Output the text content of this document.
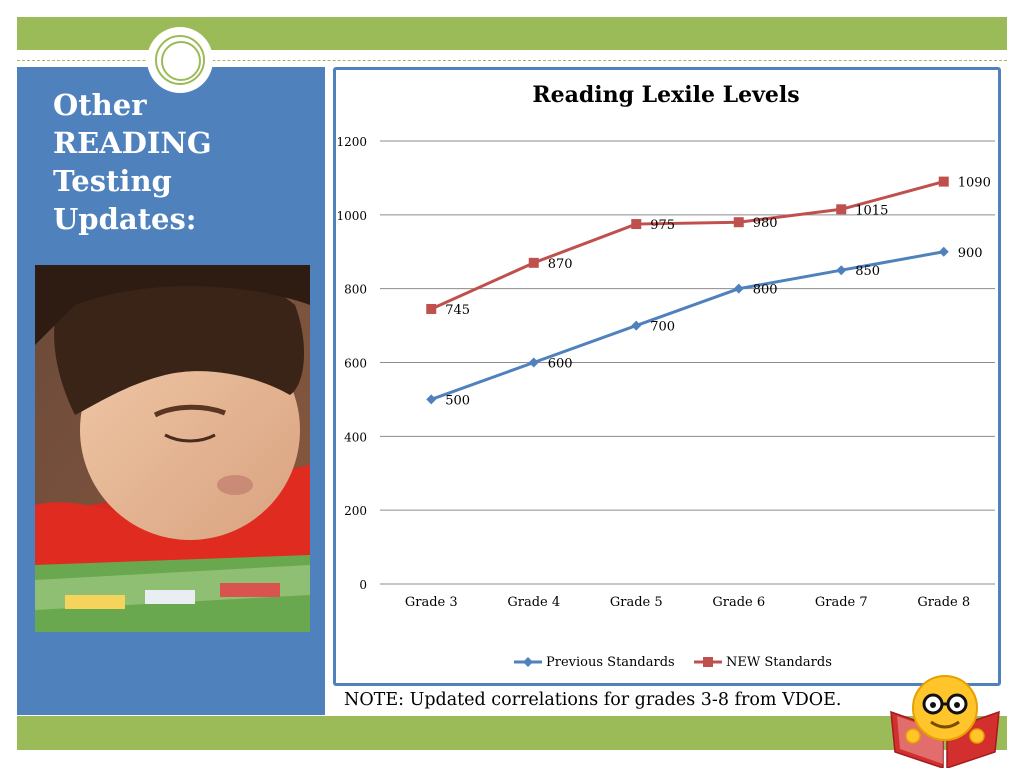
Other
READING
Testing
Updates:
Reading Lexile Levels
0
200
400
600
800
1000
1200
Grade 3	Grade 4	Grade 5	Grade 6	Grade 7	Grade 8
500
600
700
800
850
900
745
870
975	980
1015
1090
Previous Standards	NEW Standards
NOTE: Updated correlations for grades 3-8 from VDOE.
